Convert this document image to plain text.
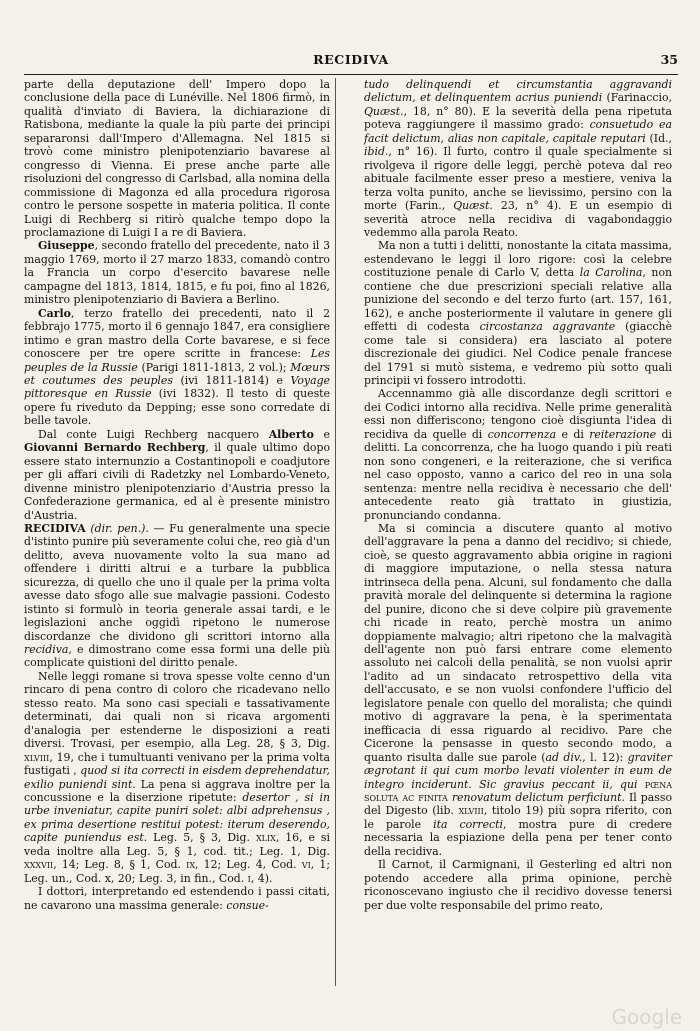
RECIDIVA	35

parte della deputazione dell' Impero dopo la conclusione della pace di Lunéville. Nel 1806 firmò, in qualità d'inviato di Baviera, la dichiarazione di Ratisbona, mediante la quale la più parte dei principi separaronsi dall'Impero d'Allemagna. Nel 1815 si trovò come ministro plenipotenziario bavarese al congresso di Vienna. Ei prese anche parte alle risoluzioni del congresso di Carlsbad, alla nomina della commissione di Magonza ed alla procedura rigorosa contro le persone sospette in materia politica. Il conte Luigi di Rechberg si ritirò qualche tempo dopo la proclamazione di Luigi I a re di Baviera.

Giuseppe, secondo fratello del precedente, nato il 3 maggio 1769, morto il 27 marzo 1833, comandò contro la Francia un corpo d'esercito bavarese nelle campagne del 1813, 1814, 1815, e fu poi, fino al 1826, ministro plenipotenziario di Baviera a Berlino.

Carlo, terzo fratello dei precedenti, nato il 2 febbrajo 1775, morto il 6 gennajo 1847, era consigliere intimo e gran mastro della Corte bavarese, e si fece conoscere per tre opere scritte in francese: Les peuples de la Russie (Parigi 1811-1813, 2 vol.); Mœurs et coutumes des peuples (ivi 1811-1814) e Voyage pittoresque en Russie (ivi 1832). Il testo di queste opere fu riveduto da Depping; esse sono corredate di belle tavole.

Dal conte Luigi Rechberg nacquero Alberto e Giovanni Bernardo Rechberg, il quale ultimo dopo essere stato internunzio a Costantinopoli e coadjutore per gli affari civili di Radetzky nel Lombardo-Veneto, divenne ministro plenipotenziario d'Austria presso la Confederazione germanica, ed al è presente ministro d'Austria.

RECIDIVA (dir. pen.). — Fu generalmente una specie d'istinto punire più severamente colui che, reo già d'un delitto, aveva nuovamente volto la sua mano ad offendere i diritti altrui e a turbare la pubblica sicurezza, di quello che uno il quale per la prima volta avesse dato sfogo alle sue malvagie passioni. Codesto istinto si formulò in teoria generale assai tardi, e le legislazioni anche oggidì ripetono le numerose discordanze che dividono gli scrittori intorno alla recidiva, e dimostrano come essa formi una delle più complicate quistioni del diritto penale.

Nelle leggi romane si trova spesse volte cenno d'un rincaro di pena contro di coloro che ricadevano nello stesso reato. Ma sono casi speciali e tassativamente determinati, dai quali non si ricava argomenti d'analogia per estenderne le disposizioni a reati diversi. Trovasi, per esempio, alla Leg. 28, § 3, Dig. xlviii, 19, che i tumultuanti venivano per la prima volta fustigati , quod si ita correcti in eisdem deprehendatur, exilio puniendi sint. La pena si aggrava inoltre per la concussione e la diserzione ripetute: desertor , si in urbe inveniatur, capite puniri solet: albi adprehensus , ex prima desertione restitui potest: iterum deserendo, capite puniendus est. Leg. 5, § 3, Dig. xlix, 16, e si veda inoltre alla Leg. 5, § 1, cod. tit.; Leg. 1, Dig. xxxvii, 14; Leg. 8, § 1, Cod. ix, 12; Leg. 4, Cod. vi, 1; Leg. un., Cod. x, 20; Leg. 3, in fin., Cod. i, 4).

I dottori, interpretando ed estendendo i passi citati, ne cavarono una massima generale: consue-

tudo delinquendi et circumstantia aggravandi delictum, et delinquentem acrius puniendi (Farinaccio, Quæst., 18, n° 80). E la severità della pena ripetuta poteva raggiungere il massimo grado: consuetudo ea facit delictum, alias non capitale, capitale reputari (Id., ibid., n° 16). Il furto, contro il quale specialmente si rivolgeva il rigore delle leggi, perchè poteva dal reo abituale facilmente esser preso a mestiere, veniva la terza volta punito, anche se lievissimo, persino con la morte (Farin., Quæst. 23, n° 4). E un esempio di severità atroce nella recidiva di vagabondaggio vedemmo alla parola Reato.

Ma non a tutti i delitti, nonostante la citata massima, estendevano le leggi il loro rigore: così la celebre costituzione penale di Carlo V, detta la Carolina, non contiene che due prescrizioni speciali relative alla punizione del secondo e del terzo furto (art. 157, 161, 162), e anche posteriormente il valutare in genere gli effetti di codesta circostanza aggravante (giacchè come tale si considera) era lasciato al potere discrezionale dei giudici. Nel Codice penale francese del 1791 si mutò sistema, e vedremo più sotto quali principii vi fossero introdotti.

Accennammo già alle discordanze degli scrittori e dei Codici intorno alla recidiva. Nelle prime generalità essi non differiscono; tengono cioè disgiunta l'idea di recidiva da quelle di concorrenza e di reiterazione di delitti. La concorrenza, che ha luogo quando i più reati non sono congeneri, e la reiterazione, che si verifica nel caso opposto, vanno a carico del reo in una sola sentenza: mentre nella recidiva è necessario che dell' antecedente reato già trattato in giustizia, pronunciando condanna.

Ma si comincia a discutere quanto al motivo dell'aggravare la pena a danno del recidivo; si chiede, cioè, se questo aggravamento abbia origine in ragioni di maggiore imputazione, o nella stessa natura intrinseca della pena. Alcuni, sul fondamento che dalla pravità morale del delinquente si determina la ragione del punire, dicono che si deve colpire più gravemente chi ricade in reato, perchè mostra un animo doppiamente malvagio; altri ripetono che la malvagità dell'agente non può farsi entrare come elemento assoluto nei calcoli della penalità, se non vuolsi aprir l'adito ad un sindacato retrospettivo della vita dell'accusato, e se non vuolsi confondere l'ufficio del legislatore penale con quello del moralista; che quindi motivo di aggravare la pena, è la sperimentata inefficacia di essa riguardo al recidivo. Pare che Cicerone la pensasse in questo secondo modo, a quanto risulta dalle sue parole (ad div., l. 12): graviter ægrotant ii qui cum morbo levati violenter in eum de integro inciderunt. Sic gravius peccant ii, qui pœna soluta ac finita renovatum delictum perficiunt. Il passo del Digesto (lib. xlviii, titolo 19) più sopra riferito, con le parole ita correcti, mostra pure di credere necessaria la espiazione della pena per tener conto della recidiva.

Il Carnot, il Carmignani, il Gesterling ed altri non potendo accedere alla prima opinione, perchè riconoscevano ingiusto che il recidivo dovesse tenersi per due volte responsabile del primo reato,

Google
